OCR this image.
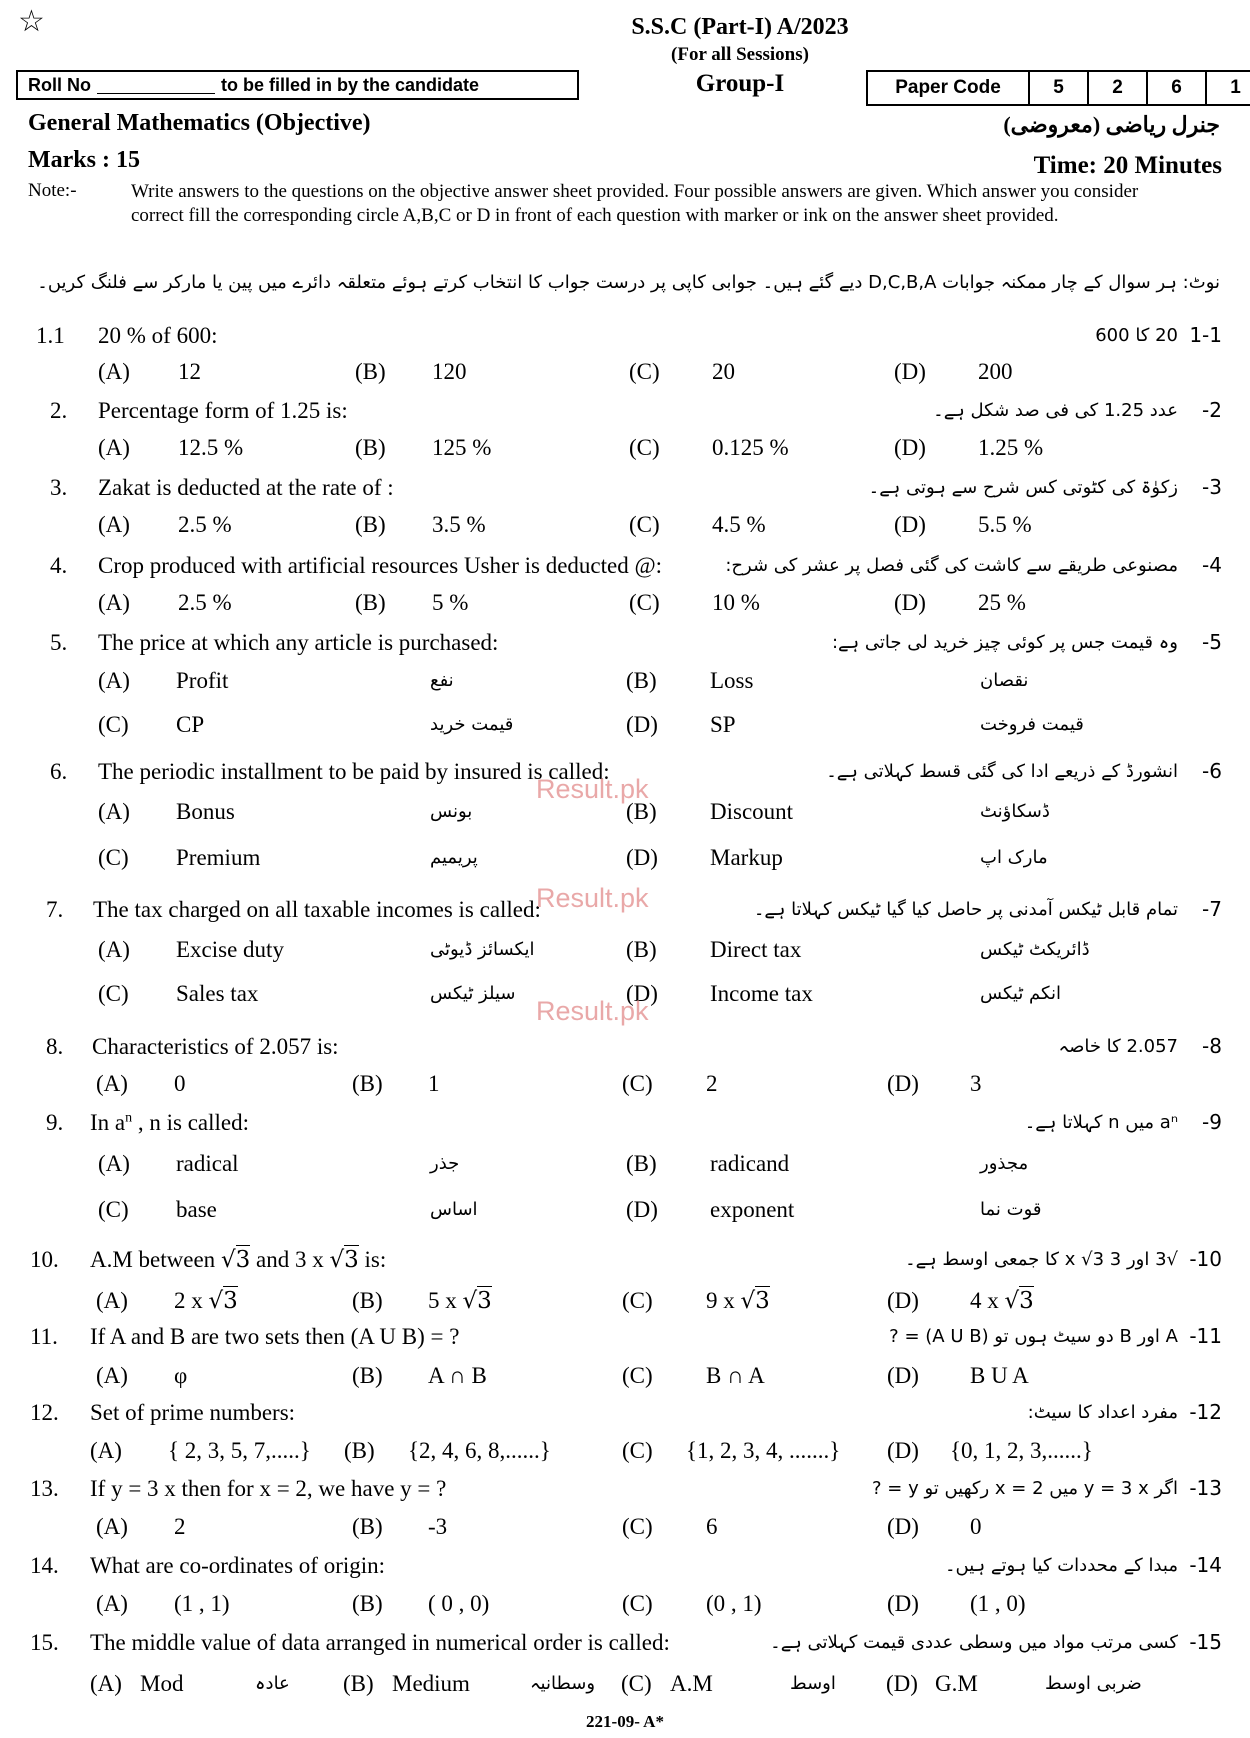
☆	S.S.C (Part-I) A/2023
(For all Sessions)
Group-I
Roll No	to be filled in by the candidate	Paper Code	5	2	6	1
General Mathematics (Objective)	جنرل ریاضی (معروضی)
Marks : 15	Time: 20 Minutes
Note:-	Write answers to the questions on the objective answer sheet provided. Four possible answers are given. Which answer you consider correct fill the corresponding circle A,B,C or D in front of each question with marker or ink on the answer sheet provided.
نوٹ: ہر سوال کے چار ممکنہ جوابات D,C,B,A دیے گئے ہیں۔ جوابی کاپی پر درست جواب کا انتخاب کرتے ہوئے متعلقہ دائرے میں پین یا مارکر سے فلنگ کریں۔
1.1 20 % of 600:	20 کا 600 1-1
(A) 12	(B) 120	(C) 20	(D) 200
2. Percentage form of 1.25 is:	عدد 1.25 کی فی صد شکل ہے۔ -2
(A) 12.5 %	(B) 125 %	(C) 0.125 %	(D) 1.25 %
3. Zakat is deducted at the rate of :	زکوٰۃ کی کٹوتی کس شرح سے ہوتی ہے۔ -3
(A) 2.5 %	(B) 3.5 %	(C) 4.5 %	(D) 5.5 %
4. Crop produced with artificial resources Usher is deducted @:	مصنوعی طریقے سے کاشت کی گئی فصل پر عشر کی شرح: -4
(A) 2.5 %	(B) 5 %	(C) 10 %	(D) 25 %
5. The price at which any article is purchased:	وہ قیمت جس پر کوئی چیز خرید لی جاتی ہے: -5
(A) Profit	نفع	(B) Loss	نقصان
(C) CP	قیمت خرید	(D) SP	قیمت فروخت
6. The periodic installment to be paid by insured is called:	انشورڈ کے ذریعے ادا کی گئی قسط کہلاتی ہے۔ -6
(A) Bonus	بونس	(B) Discount	ڈسکاؤنٹ
(C) Premium	پریمیم	(D) Markup	مارک اپ
7. The tax charged on all taxable incomes is called:	تمام قابل ٹیکس آمدنی پر حاصل کیا گیا ٹیکس کہلاتا ہے۔ -7
(A) Excise duty	ایکسائز ڈیوٹی	(B) Direct tax	ڈائریکٹ ٹیکس
(C) Sales tax	سیلز ٹیکس	(D) Income tax	انکم ٹیکس
8. Characteristics of 2.057 is:	2.057 کا خاصہ -8
(A) 0	(B) 1	(C) 2	(D) 3
9. In $a^n$ , n is called:	aⁿ میں n کہلاتا ہے۔ -9
(A) radical	جذر	(B) radicand	مجذور
(C) base	اساس	(D) exponent	قوت نما
10. A.M between √3 and 3 x √3 is:	√3 اور 3 x √3 کا جمعی اوسط ہے۔ -10
(A) 2 x √3	(B) 5 x √3	(C) 9 x √3	(D) 4 x √3
11. If A and B are two sets then (A U B) = ?	A اور B دو سیٹ ہوں تو (A U B) = ? -11
(A) φ	(B) A ∩ B	(C) B ∩ A	(D) B U A
12. Set of prime numbers:	مفرد اعداد کا سیٹ: -12
(A) { 2, 3, 5, 7,.....} (B) {2, 4, 6, 8,......}	(C) {1, 2, 3, 4, .......} (D) {0, 1, 2, 3,......}
13. If y = 3 x then for x = 2, we have y = ?	اگر y = 3 x میں x = 2 رکھیں تو y = ? -13
(A) 2	(B) -3	(C) 6	(D) 0
14. What are co-ordinates of origin:	مبدا کے محددات کیا ہوتے ہیں۔ -14
(A) (1 , 1)	(B) ( 0 , 0)	(C) (0 , 1)	(D) (1 , 0)
15. The middle value of data arranged in numerical order is called:	کسی مرتب مواد میں وسطی عددی قیمت کہلاتی ہے۔ -15
(A) Mod	عادہ (B) Medium	وسطانیہ (C) A.M	اوسط (D) G.M	ضربی اوسط
Result.pk
Result.pk
Result.pk
221-09- A*
